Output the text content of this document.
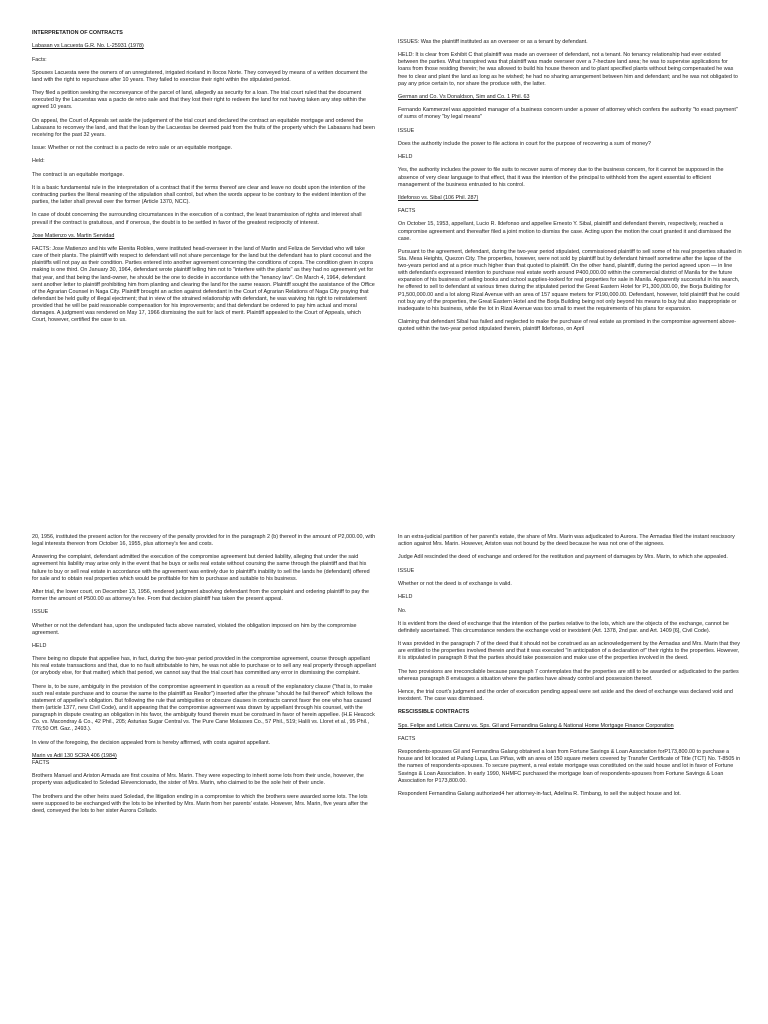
INTERPRETATION OF CONTRACTS

Labasan vs Lacuesta G.R. No. L-25931 (1978)

Facts:

Spouses Lacuesta were the owners of an unregistered, irrigated riceland in Ilocos Norte. They conveyed by means of a written document the land with the right to repurchase after 10 years. They failed to exercise their right within the stipulated period.

They filed a petition seeking the reconveyance of the parcel of land, allegedly as security for a loan. The trial court ruled that the document executed by the Lacuestas was a pacto de retro sale and that they lost their right to redeem the land for not having taken any step within the agreed 10 years.

On appeal, the Court of Appeals set aside the judgement of the trial court and declared the contract an equitable mortgage and ordered the Labasans to reconvey the land, and that the loan by the Lacuestas be deemed paid from the fruits of the property which the Labasans had been receiving for the past 32 years.

Issue: Whether or not the contract is a pacto de retro sale or an equitable mortgage.

Held:

The contract is an equitable mortgage.

It is a basic fundamental rule in the interpretation of a contract that if the terms thereof are clear and leave no doubt upon the intention of the contracting parties the literal meaning of the stipulation shall control, but when the words appear to be contrary to the evident intention of the parties, the latter shall prevail over the former (Article 1370, NCC).

In case of doubt concerning the surrounding circumstances in the execution of a contract, the least transmission of rights and interest shall prevail if the contract is gratuitous, and if onerous, the doubt is to be settled in favor of the greatest reciprocity of interest.

Jose Matienzo vs. Martin Servidad

FACTS: Jose Matienzo and his wife Elenita Robles, were instituted head-overseer in the land of Martin and Feliza de Servidad who will take care of their plants. The plaintiff with respect to defendant will not share percentage for the land but the defendant has to plant coconut and the plaintiffs will not pay as their condition. Parties entered into another agreement concerning the conditions of copra. The condition given in copra making is one third. On January 30, 1964, defendant wrote plaintiff telling him not to "interfere with the plants" as they had no agreement yet for that year, and that being the land-owner, he should be the one to decide in accordance with the "tenancy law". On March 4, 1964, defendant sent another letter to plaintiff prohibiting him from planting and clearing the land for the same reason. Plaintiff sought the assistance of the Office of the Agrarian Counsel in Naga City. Plaintiff brought an action against defendant in the Court of Agrarian Relations of Naga City praying that defendant be held guilty of illegal ejectment; that in view of the strained relationship with defendant, he was waiving his right to reinstatement provided that he will be paid reasonable compensation for his improvements; and that defendant be ordered to pay him actual and moral damages. A judgment was rendered on May 17, 1966 dismissing the suit for lack of merit. Plaintiff appealed to the Court of Appeals, which Court, however, certified the case to us.

ISSUES: Was the plaintiff instituted as an overseer or as a tenant by defendant.

HELD: It is clear from Exhibit C that plaintiff was made an overseer of defendant, not a tenant. No tenancy relationship had ever existed between the parties. What transpired was that plaintiff was made overseer over a 7-hectare land area; he was to supervise applications for loans from those residing therein; he was allowed to build his house thereon and to plant specified plants without being compensated he was free to clear and plant the land as long as he wished; he had no sharing arrangement between him and defendant; and he was not obligated to pay any price certain to, nor share the produce with, the latter.

German and Co. Vs Donaldson, Sim and Co. 1 Phil. 63

Fernando Kammerzel was appointed manager of a business concern under a power of attorney which confers the authority "to exact payment" of sums of money "by legal means"

ISSUE

Does the authority include the power to file actions in court for the purpose of recovering a sum of money?

HELD

Yes, the authority includes the power to file suits to recover sums of money due to the business concern, for it cannot be supposed in the absence of very clear language to that effect, that it was the intention of the principal to withhold from the agent essential to efficient management of the business entrusted to his control.

Ildefonso vs. Sibal (106 Phil. 287)

FACTS

On October 15, 1953, appellant, Lucio R. Ildefonso and appellee Ernesto Y. Sibal, plaintiff and defendant therein, respectively, reached a compromise agreement and thereafter filed a joint motion to dismiss the case. Acting upon the motion the court granted it and dismissed the case.

Pursuant to the agreement, defendant, during the two-year period stipulated, commissioned plaintiff to sell some of his real properties situated in Sta. Mesa Heights, Quezon City. The properties, however, were not sold by plaintiff but by defendant himself sometime after the lapse of the two-years period and at a price much higher than that quoted to plaintiff. On the other hand, plaintiff, during the period agreed upon — in line with defendant's expressed intention to purchase real estate worth around P400,000.00 within the commercial district of Manila for the future expansion of his business of selling books and school supplies-looked for real properties for sale in Manila. Apparently successful in his search, he offered to sell to defendant at various times during the stipulated period the Great Eastern Hotel for P1,300,000.00, the Borja Building for P1,500,000.00 and a lot along Rizal Avenue with an area of 157 square meters for P190,000.00. Defendant, however, told plaintiff that he could not buy any of the properties, the Great Eastern Hotel and the Borja Building being not only beyond his means to buy but also inappropriate or inadequate to his business, while the lot in Rizal Avenue was too small to meet the requirements of his plans for expansion.

Claiming that defendant Sibal has failed and neglected to make the purchase of real estate as promised in the compromise agreement above-quoted within the two-year period stipulated therein, plaintiff Ildefonso, on April

20, 1956, instituted the present action for the recovery of the penalty provided for in the paragraph 2 (b) thereof in the amount of P2,000.00, with legal interests thereon from October 16, 1955, plus attorney's fee and costs.

Answering the complaint, defendant admitted the execution of the compromise agreement but denied liability, alleging that under the said agreement his liability may arise only in the event that he buys or sells real estate without coursing the same through the plaintiff and that his failure to buy or sell real estate in accordance with the agreement was entirely due to plaintiff's inability to sell the lands he (defendant) offered for sale and to obtain real properties which would be profitable for him to purchase and suitable to his business.

After trial, the lower court, on December 13, 1956, rendered judgment absolving defendant from the complaint and ordering plaintiff to pay the former the amount of P500.00 as attorney's fee. From that decision plaintiff has taken the present appeal.

ISSUE

Whether or not the defendant has, upon the undisputed facts above narrated, violated the obligation imposed on him by the compromise agreement.

HELD

There being no dispute that appellee has, in fact, during the two-year period provided in the compromise agreement, course through appellant his real estate transactions and that, due to no fault attributable to him, he was not able to purchase or to sell any real property through appellant (or anybody else, for that matter) which that period, we cannot say that the trial court has committed any error in dismissing the complaint.

There is, to be sure, ambiguity in the provision of the compromise agreement in question as a result of the explanatory clause ("that is, to make such real estate purchase and to course the same to the plaintiff as Realtor") inserted after the phrase "should he fail thereof" which follows the statement of appellee's obligation. But following the rule that ambiguities or obscure clauses in contracts cannot favor the one who has caused them (article 1377, new Civil Code), and it appearing that the compromise agreement was drawn by appellant through his counsel, with the paragraph in dispute creating an obligation in his favor, the ambiguity found therein must be construed in favor of herein appellee. (H.E Heacock Co. vs. Macondray & Co., 42 Phil., 205; Asturias Sugar Central vs. The Pure Cane Molasses Co., 57 Phil., 519; Halili vs. Lloret et al., 95 Phil., 776;50 Off. Gaz., 2493.).

In view of the foregoing, the decision appealed from is hereby affirmed, with costs against appellant.

Marin vs Adil 130 SCRA 406 (1984)

FACTS

Brothers Manuel and Ariston Armada are first cousins of Mrs. Marin. They were expecting to inherit some lots from their uncle, however, the property was adjudicated to Soledad Elevencionado, the sister of Mrs. Marin, who claimed to be the sole heir of their uncle.

The brothers and the other heirs sued Soledad, the litigation ending in a compromise to which the brothers were awarded some lots. The lots were supposed to be exchanged with the lots to be inherited by Mrs. Marin from her parents' estate. However, Mrs. Marin, five years after the deed, conveyed the lots to her sister Aurora Collado.

In an extra-judicial partition of her parent's estate, the share of Mrs. Marin was adjudicated to Aurora. The Armadas filed the instant rescissory action against Mrs. Marin. However, Ariston was not bound by the deed because he was not one of the signees.

Judge Adil rescinded the deed of exchange and ordered for the restitution and payment of damages by Mrs. Marin, to which she appealed.

ISSUE

Whether or not the deed is of exchange is valid.

HELD

No.

It is evident from the deed of exchange that the intention of the parties relative to the lots, which are the objects of the exchange, cannot be definitely ascertained. This circumstance renders the exchange void or inexistent (Art. 1378, 2nd par. and Art. 1409 [6], Civil Code).

It was provided in the paragraph 7 of the deed that it should not be construed as an acknowledgement by the Armadas and Mrs. Marin that they are entitled to the properties involved therein and that it was executed "in anticipation of a declaration of" their rights to the properties. However, it is stipulated in paragraph 8 that the parties should take possession and make use of the properties involved in the deed.

The two provisions are irreconcilable because paragraph 7 contemplates that the properties are still to be awarded or adjudicated to the parties whereas paragraph 8 envisages a situation where the parties have already control and possession thereof.

Hence, the trial court's judgment and the order of execution pending appeal were set aside and the deed of exchange was declared void and inexistent. The case was dismissed.

RESCISSIBLE CONTRACTS

Sps. Felipe and Leticia Cannu vs. Sps. Gil and Fernandina Galang & National Home Mortgage Finance Corporation

FACTS

Respondents-spouses Gil and Fernandina Galang obtained a loan from Fortune Savings & Loan Association forP173,800.00 to purchase a house and lot located at Pulang Lupa, Las Piñas, with an area of 150 square meters covered by Transfer Certificate of Title (TCT) No. T-8505 in the names of respondents-spouses. To secure payment, a real estate mortgage was constituted on the said house and lot in favor of Fortune Savings & Loan Association. In early 1990, NHMFC purchased the mortgage loan of respondents-spouses from Fortune Savings & Loan Association for P173,800.00.

Respondent Fernandina Galang authorized4 her attorney-in-fact, Adelina R. Timbang, to sell the subject house and lot.
